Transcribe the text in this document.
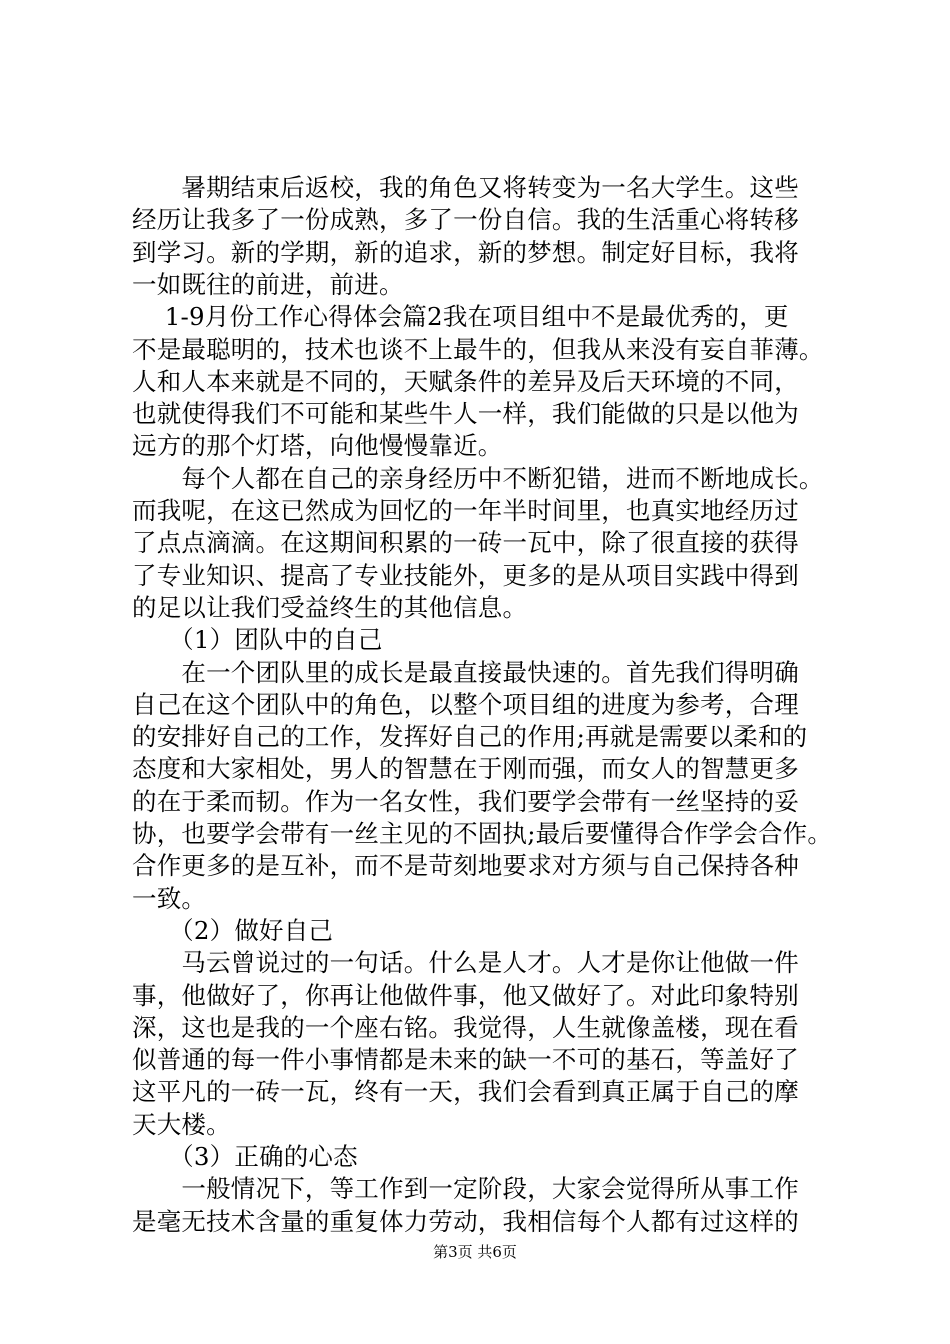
　　暑期结束后返校，我的角色又将转变为一名大学生。这些
经历让我多了一份成熟，多了一份自信。我的生活重心将转移
到学习。新的学期，新的追求，新的梦想。制定好目标，我将
一如既往的前进，前进。
　 1-9月份工作心得体会篇2我在项目组中不是最优秀的，更
不是最聪明的，技术也谈不上最牛的，但我从来没有妄自菲薄。
人和人本来就是不同的，天赋条件的差异及后天环境的不同，
也就使得我们不可能和某些牛人一样，我们能做的只是以他为
远方的那个灯塔，向他慢慢靠近。
　　每个人都在自己的亲身经历中不断犯错，进而不断地成长。
而我呢，在这已然成为回忆的一年半时间里，也真实地经历过
了点点滴滴。在这期间积累的一砖一瓦中，除了很直接的获得
了专业知识、提高了专业技能外，更多的是从项目实践中得到
的足以让我们受益终生的其他信息。
　　（1）团队中的自己
　　在一个团队里的成长是最直接最快速的。首先我们得明确
自己在这个团队中的角色，以整个项目组的进度为参考，合理
的安排好自己的工作，发挥好自己的作用;再就是需要以柔和的
态度和大家相处，男人的智慧在于刚而强，而女人的智慧更多
的在于柔而韧。作为一名女性，我们要学会带有一丝坚持的妥
协，也要学会带有一丝主见的不固执;最后要懂得合作学会合作。
合作更多的是互补，而不是苛刻地要求对方须与自己保持各种
一致。
　　（2）做好自己
　　马云曾说过的一句话。什么是人才。人才是你让他做一件
事，他做好了，你再让他做件事，他又做好了。对此印象特别
深，这也是我的一个座右铭。我觉得，人生就像盖楼，现在看
似普通的每一件小事情都是未来的缺一不可的基石，等盖好了
这平凡的一砖一瓦，终有一天，我们会看到真正属于自己的摩
天大楼。
　　（3）正确的心态
　　一般情况下，等工作到一定阶段，大家会觉得所从事工作
是毫无技术含量的重复体力劳动，我相信每个人都有过这样的
第3页 共6页
